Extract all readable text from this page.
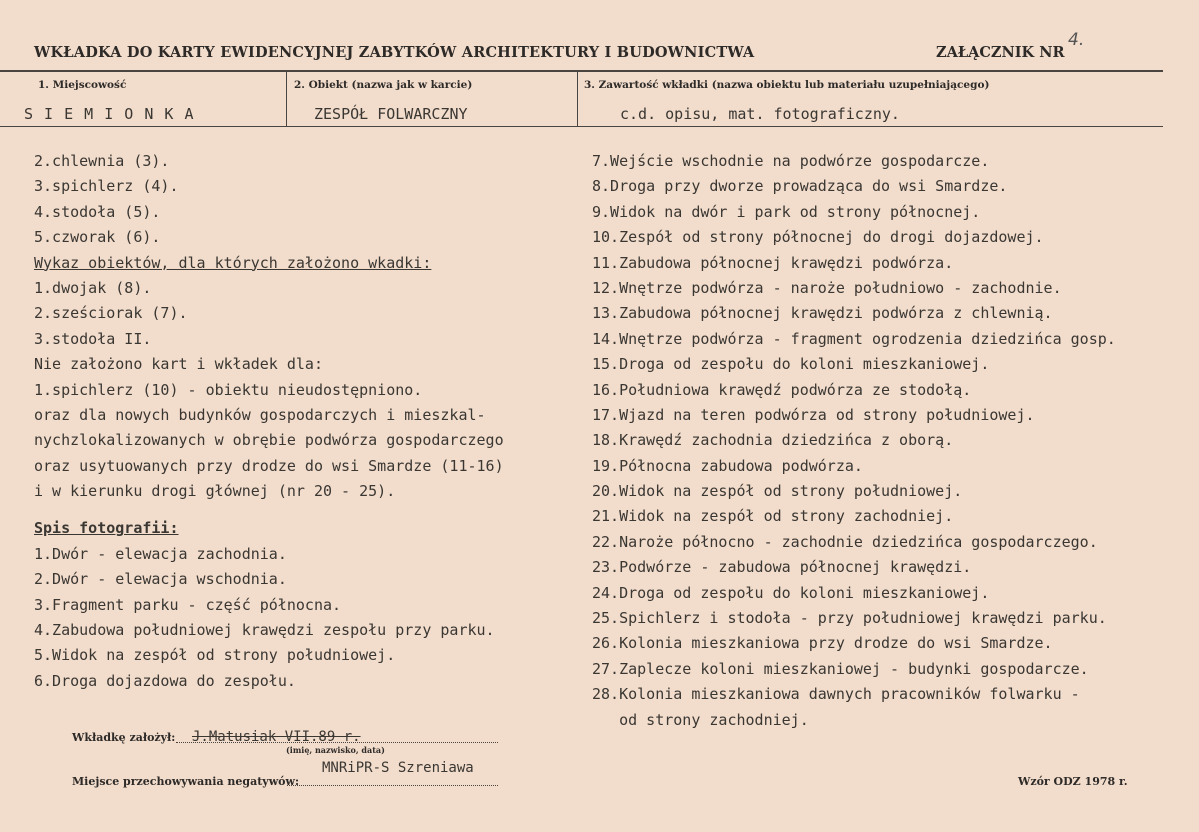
WKŁADKA DO KARTY EWIDENCYJNEJ ZABYTKÓW ARCHITEKTURY I BUDOWNICTWA	ZAŁĄCZNIK NR
4.
1. Miejscowość	2. Obiekt (nazwa jak w karcie)	3. Zawartość wkładki (nazwa obiektu lub materiału uzupełniającego)
S I E M I O N K A	ZESPÓŁ FOLWARCZNY	c.d. opisu, mat. fotograficzny.
2.chlewnia (3).
3.spichlerz (4).
4.stodoła (5).
5.czworak (6).
Wykaz obiektów, dla których założono wkadki:
1.dwojak (8).
2.sześciorak (7).
3.stodoła II.
Nie założono kart i wkładek dla:
1.spichlerz (10) - obiektu nieudostępniono.
oraz dla nowych budynków gospodarczych i mieszkal-
nychzlokalizowanych w obrębie podwórza gospodarczego
oraz usytuowanych przy drodze do wsi Smardze (11-16)
i w kierunku drogi głównej (nr 20 - 25).
Spis fotografii:
1.Dwór - elewacja zachodnia.
2.Dwór - elewacja wschodnia.
3.Fragment parku - część północna.
4.Zabudowa południowej krawędzi zespołu przy parku.
5.Widok na zespół od strony południowej.
6.Droga dojazdowa do zespołu.
7.Wejście wschodnie na podwórze gospodarcze.
8.Droga przy dworze prowadząca do wsi Smardze.
9.Widok na dwór i park od strony północnej.
10.Zespół od strony północnej do drogi dojazdowej.
11.Zabudowa północnej krawędzi podwórza.
12.Wnętrze podwórza - naroże południowo - zachodnie.
13.Zabudowa północnej krawędzi podwórza z chlewnią.
14.Wnętrze podwórza - fragment ogrodzenia dziedzińca gosp.
15.Droga od zespołu do koloni mieszkaniowej.
16.Południowa krawędź podwórza ze stodołą.
17.Wjazd na teren podwórza od strony południowej.
18.Krawędź zachodnia dziedzińca z oborą.
19.Północna zabudowa podwórza.
20.Widok na zespół od strony południowej.
21.Widok na zespół od strony zachodniej.
22.Naroże północno - zachodnie dziedzińca gospodarczego.
23.Podwórze - zabudowa północnej krawędzi.
24.Droga od zespołu do koloni mieszkaniowej.
25.Spichlerz i stodoła - przy południowej krawędzi parku.
26.Kolonia mieszkaniowa przy drodze do wsi Smardze.
27.Zaplecze koloni mieszkaniowej - budynki gospodarcze.
28.Kolonia mieszkaniowa dawnych pracowników folwarku -
od strony zachodniej.
Wkładkę założył: J.Matusiak VII.89 r.
(imię, nazwisko, data)
Miejsce przechowywania negatywów:
MNRiPR-S Szreniawa
Wzór ODZ 1978 r.
